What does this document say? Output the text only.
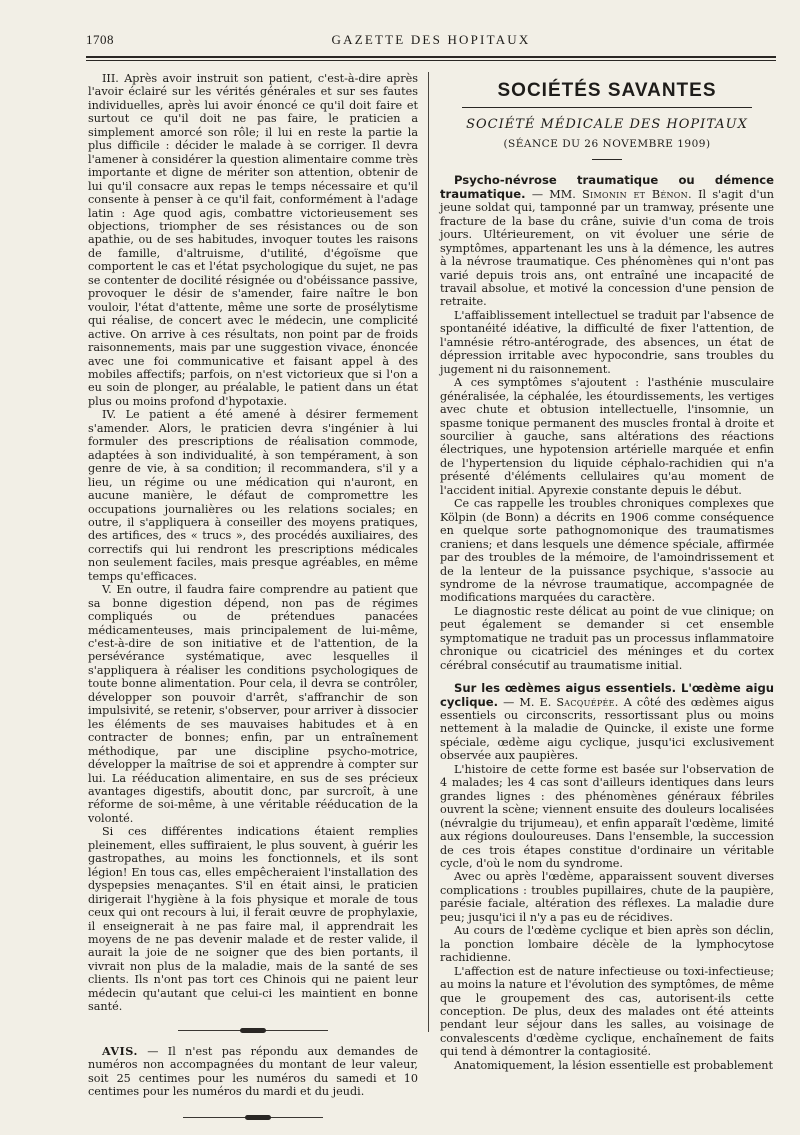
1708	GAZETTE DES HOPITAUX

III. Après avoir instruit son patient, c'est-à-dire après l'avoir éclairé sur les vérités générales et sur ses fautes individuelles, après lui avoir énoncé ce qu'il doit faire et surtout ce qu'il doit ne pas faire, le praticien a simplement amorcé son rôle; il lui en reste la partie la plus difficile : décider le malade à se corriger. Il devra l'amener à considérer la question alimentaire comme très importante et digne de mériter son attention, obtenir de lui qu'il consacre aux repas le temps nécessaire et qu'il consente à penser à ce qu'il fait, conformément à l'adage latin : Age quod agis, combattre victorieusement ses objections, triompher de ses résistances ou de son apathie, ou de ses habitudes, invoquer toutes les raisons de famille, d'altruisme, d'utilité, d'égoïsme que comportent le cas et l'état psychologique du sujet, ne pas se contenter de docilité résignée ou d'obéissance passive, provoquer le désir de s'amender, faire naître le bon vouloir, l'état d'attente, même une sorte de prosélytisme qui réalise, de concert avec le médecin, une complicité active. On arrive à ces résultats, non point par de froids raisonnements, mais par une suggestion vivace, énoncée avec une foi communicative et faisant appel à des mobiles affectifs; parfois, on n'est victorieux que si l'on a eu soin de plonger, au préalable, le patient dans un état plus ou moins profond d'hypotaxie.

IV. Le patient a été amené à désirer fermement s'amender. Alors, le praticien devra s'ingénier à lui formuler des prescriptions de réalisation commode, adaptées à son individualité, à son tempérament, à son genre de vie, à sa condition; il recommandera, s'il y a lieu, un régime ou une médication qui n'auront, en aucune manière, le défaut de compromettre les occupations journalières ou les relations sociales; en outre, il s'appliquera à conseiller des moyens pratiques, des artifices, des « trucs », des procédés auxiliaires, des correctifs qui lui rendront les prescriptions médicales non seulement faciles, mais presque agréables, en même temps qu'efficaces.

V. En outre, il faudra faire comprendre au patient que sa bonne digestion dépend, non pas de régimes compliqués ou de prétendues panacées médicamenteuses, mais principalement de lui-même, c'est-à-dire de son initiative et de l'attention, de la persévérance systématique, avec lesquelles il s'appliquera à réaliser les conditions psychologiques de toute bonne alimentation. Pour cela, il devra se contrôler, développer son pouvoir d'arrêt, s'affranchir de son impulsivité, se retenir, s'observer, pour arriver à dissocier les éléments de ses mauvaises habitudes et à en contracter de bonnes; enfin, par un entraînement méthodique, par une discipline psycho-motrice, développer la maîtrise de soi et apprendre à compter sur lui. La rééducation alimentaire, en sus de ses précieux avantages digestifs, aboutit donc, par surcroît, à une réforme de soi-même, à une véritable rééducation de la volonté.

Si ces différentes indications étaient remplies pleinement, elles suffiraient, le plus souvent, à guérir les gastropathes, au moins les fonctionnels, et ils sont légion! En tous cas, elles empêcheraient l'installation des dyspepsies menaçantes. S'il en était ainsi, le praticien dirigerait l'hygiène à la fois physique et morale de tous ceux qui ont recours à lui, il ferait œuvre de prophylaxie, il enseignerait à ne pas faire mal, il apprendrait les moyens de ne pas devenir malade et de rester valide, il aurait la joie de ne soigner que des bien portants, il vivrait non plus de la maladie, mais de la santé de ses clients. Ils n'ont pas tort ces Chinois qui ne paient leur médecin qu'autant que celui-ci les maintient en bonne santé.

AVIS. — Il n'est pas répondu aux demandes de numéros non accompagnées du montant de leur valeur, soit 25 centimes pour les numéros du samedi et 10 centimes pour les numéros du mardi et du jeudi.

SOCIÉTÉS SAVANTES
SOCIÉTÉ MÉDICALE DES HOPITAUX
(SÉANCE DU 26 NOVEMBRE 1909)

Psycho-névrose traumatique ou démence traumatique. — MM. Simonin et Bénon. Il s'agit d'un jeune soldat qui, tamponné par un tramway, présente une fracture de la base du crâne, suivie d'un coma de trois jours. Ultérieurement, on vit évoluer une série de symptômes, appartenant les uns à la démence, les autres à la névrose traumatique. Ces phénomènes qui n'ont pas varié depuis trois ans, ont entraîné une incapacité de travail absolue, et motivé la concession d'une pension de retraite.

L'affaiblissement intellectuel se traduit par l'absence de spontanéité idéative, la difficulté de fixer l'attention, de l'amnésie rétro-antérograde, des absences, un état de dépression irritable avec hypocondrie, sans troubles du jugement ni du raisonnement.

A ces symptômes s'ajoutent : l'asthénie musculaire généralisée, la céphalée, les étourdissements, les vertiges avec chute et obtusion intellectuelle, l'insomnie, un spasme tonique permanent des muscles frontal à droite et sourcilier à gauche, sans altérations des réactions électriques, une hypotension artérielle marquée et enfin de l'hypertension du liquide céphalo-rachidien qui n'a présenté d'éléments cellulaires qu'au moment de l'accident initial. Apyrexie constante depuis le début.

Ce cas rappelle les troubles chroniques complexes que Kölpin (de Bonn) a décrits en 1906 comme conséquence en quelque sorte pathognomonique des traumatismes craniens; et dans lesquels une démence spéciale, affirmée par des troubles de la mémoire, de l'amoindrissement et de la lenteur de la puissance psychique, s'associe au syndrome de la névrose traumatique, accompagnée de modifications marquées du caractère.

Le diagnostic reste délicat au point de vue clinique; on peut également se demander si cet ensemble symptomatique ne traduit pas un processus inflammatoire chronique ou cicatriciel des méninges et du cortex cérébral consécutif au traumatisme initial.

Sur les œdèmes aigus essentiels. L'œdème aigu cyclique. — M. E. Sacquépée. A côté des œdèmes aigus essentiels ou circonscrits, ressortissant plus ou moins nettement à la maladie de Quincke, il existe une forme spéciale, œdème aigu cyclique, jusqu'ici exclusivement observée aux paupières.

L'histoire de cette forme est basée sur l'observation de 4 malades; les 4 cas sont d'ailleurs identiques dans leurs grandes lignes : des phénomènes généraux fébriles ouvrent la scène; viennent ensuite des douleurs localisées (névralgie du trijumeau), et enfin apparaît l'œdème, limité aux régions douloureuses. Dans l'ensemble, la succession de ces trois étapes constitue d'ordinaire un véritable cycle, d'où le nom du syndrome.

Avec ou après l'œdème, apparaissent souvent diverses complications : troubles pupillaires, chute de la paupière, parésie faciale, altération des réflexes. La maladie dure peu; jusqu'ici il n'y a pas eu de récidives.

Au cours de l'œdème cyclique et bien après son déclin, la ponction lombaire décèle de la lymphocytose rachidienne.

L'affection est de nature infectieuse ou toxi-infectieuse; au moins la nature et l'évolution des symptômes, de même que le groupement des cas, autorisent-ils cette conception. De plus, deux des malades ont été atteints pendant leur séjour dans les salles, au voisinage de convalescents d'œdème cyclique, enchaînement de faits qui tend à démontrer la contagiosité.

Anatomiquement, la lésion essentielle est probablement
